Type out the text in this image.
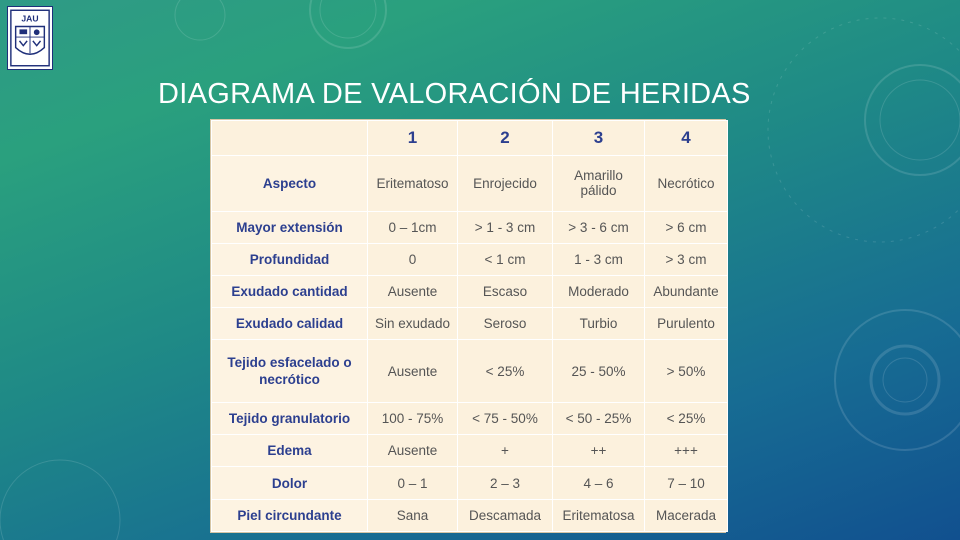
JAU
DIAGRAMA DE VALORACIÓN DE HERIDAS
	1	2	3	4
Aspecto	Eritematoso	Enrojecido	Amarillo pálido	Necrótico
Mayor extensión	0 – 1cm	> 1 - 3 cm	> 3 - 6 cm	> 6 cm
Profundidad	0	< 1 cm	1 - 3 cm	> 3 cm
Exudado cantidad	Ausente	Escaso	Moderado	Abundante
Exudado calidad	Sin exudado	Seroso	Turbio	Purulento
Tejido esfacelado o necrótico	Ausente	< 25%	25 - 50%	> 50%
Tejido granulatorio	100 - 75%	< 75 - 50%	< 50 - 25%	< 25%
Edema	Ausente	+	++	+++
Dolor	0 – 1	2 – 3	4 – 6	7 – 10
Piel circundante	Sana	Descamada	Eritematosa	Macerada
